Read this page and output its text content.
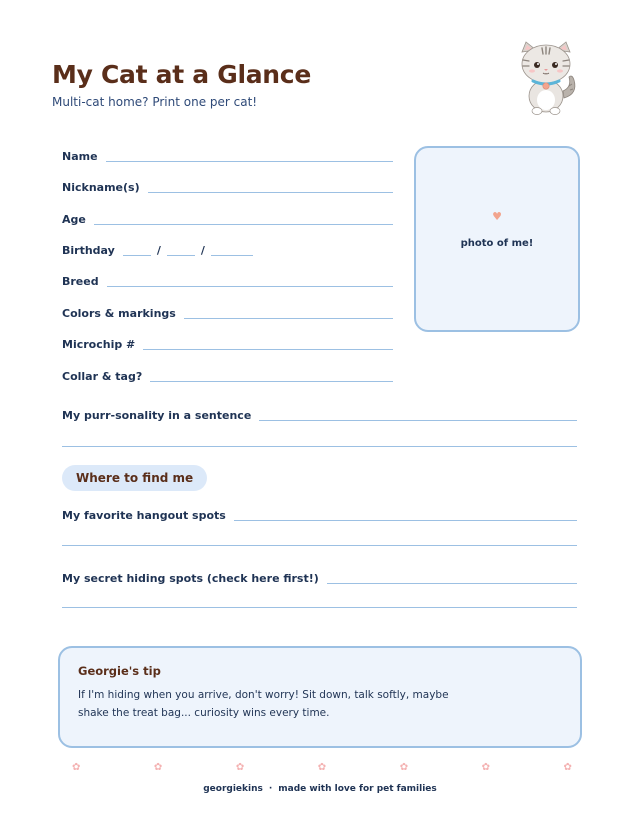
My Cat at a Glance
Multi-cat home? Print one per cat!
Name
Nickname(s)
Age
Birthday	/	/
Breed
Colors & markings
Microchip #
Collar & tag?
♥
photo of me!
My purr-sonality in a sentence
Where to find me
My favorite hangout spots
My secret hiding spots (check here first!)
Georgie's tip
If I'm hiding when you arrive, don't worry! Sit down, talk softly, maybe shake the treat bag... curiosity wins every time.
✿	✿	✿	✿	✿	✿	✿
georgiekins · made with love for pet families
